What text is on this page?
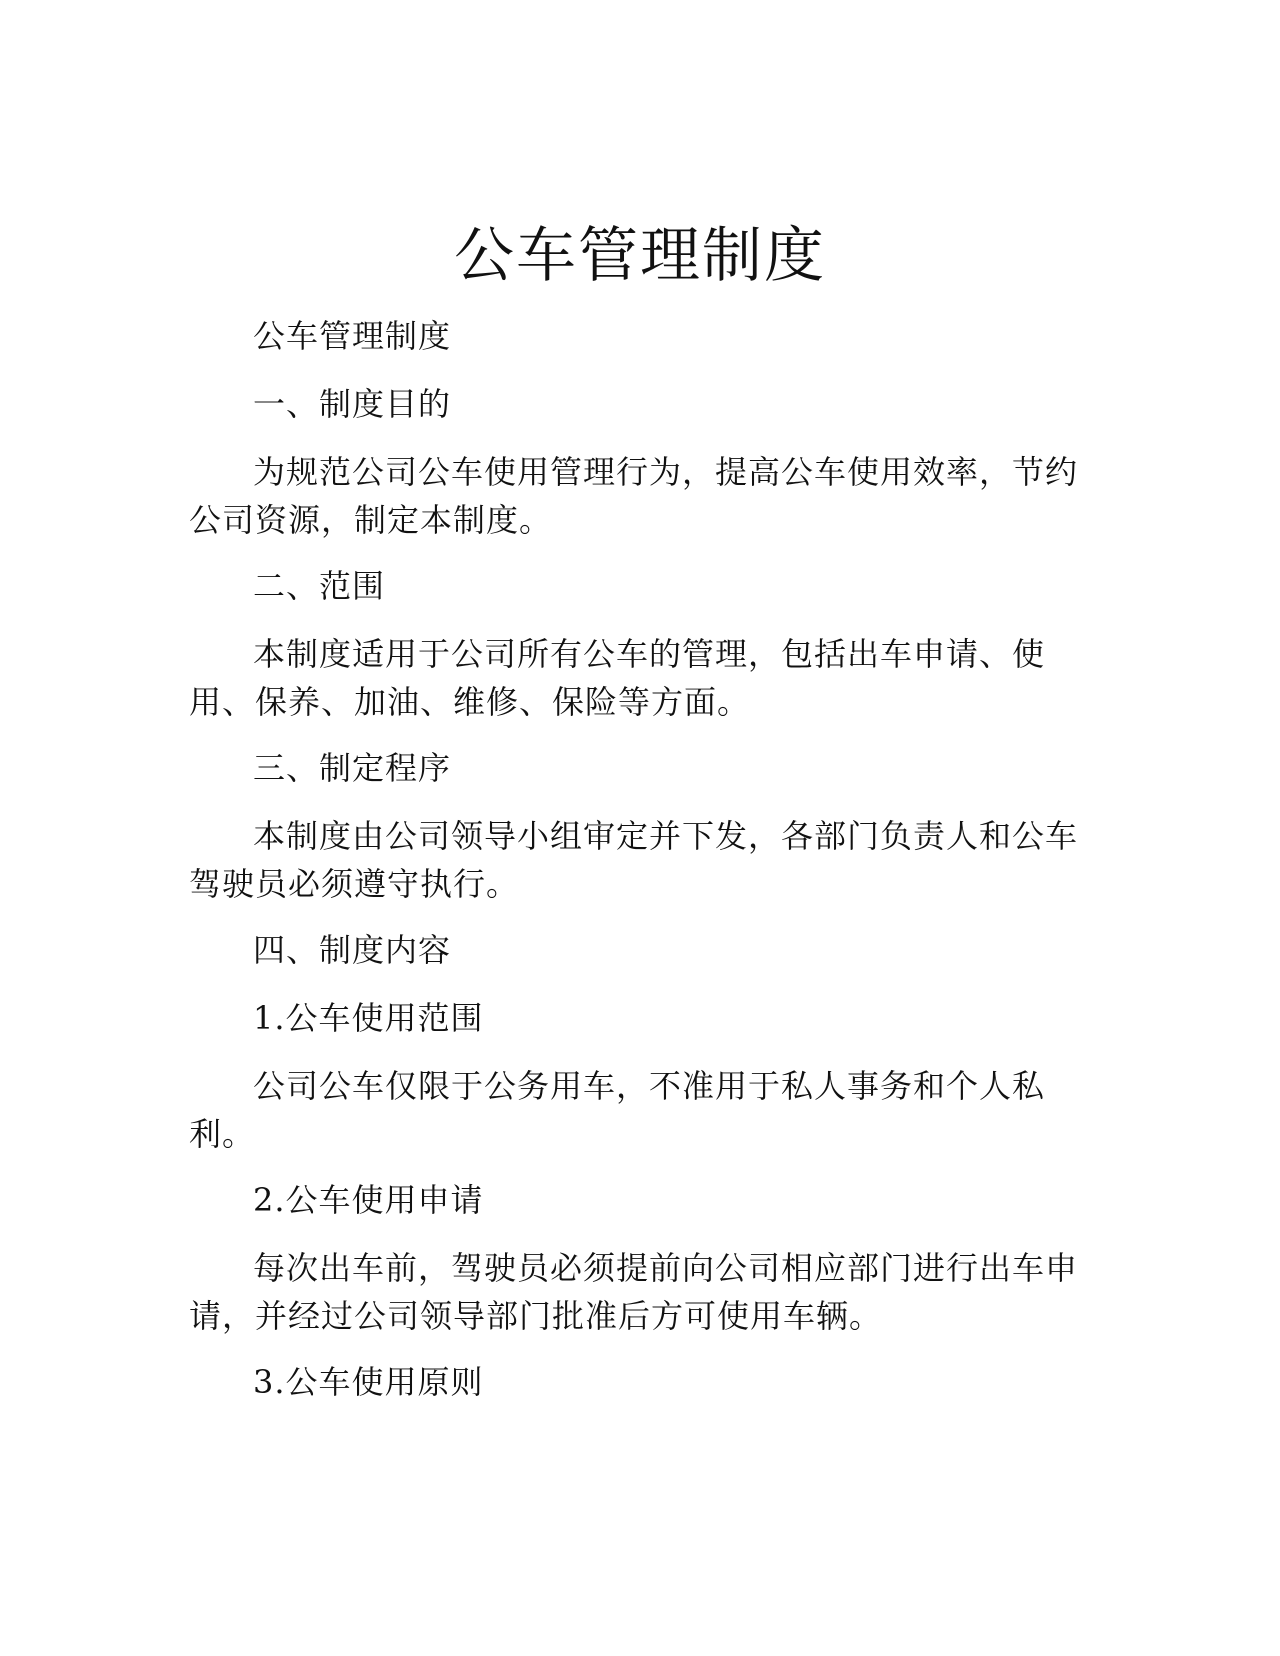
公车管理制度

公车管理制度

一、制度目的

为规范公司公车使用管理行为，提高公车使用效率，节约公司资源，制定本制度。

二、范围

本制度适用于公司所有公车的管理，包括出车申请、使用、保养、加油、维修、保险等方面。

三、制定程序

本制度由公司领导小组审定并下发，各部门负责人和公车驾驶员必须遵守执行。

四、制度内容

1.公车使用范围

公司公车仅限于公务用车，不准用于私人事务和个人私利。

2.公车使用申请

每次出车前，驾驶员必须提前向公司相应部门进行出车申请，并经过公司领导部门批准后方可使用车辆。

3.公车使用原则
